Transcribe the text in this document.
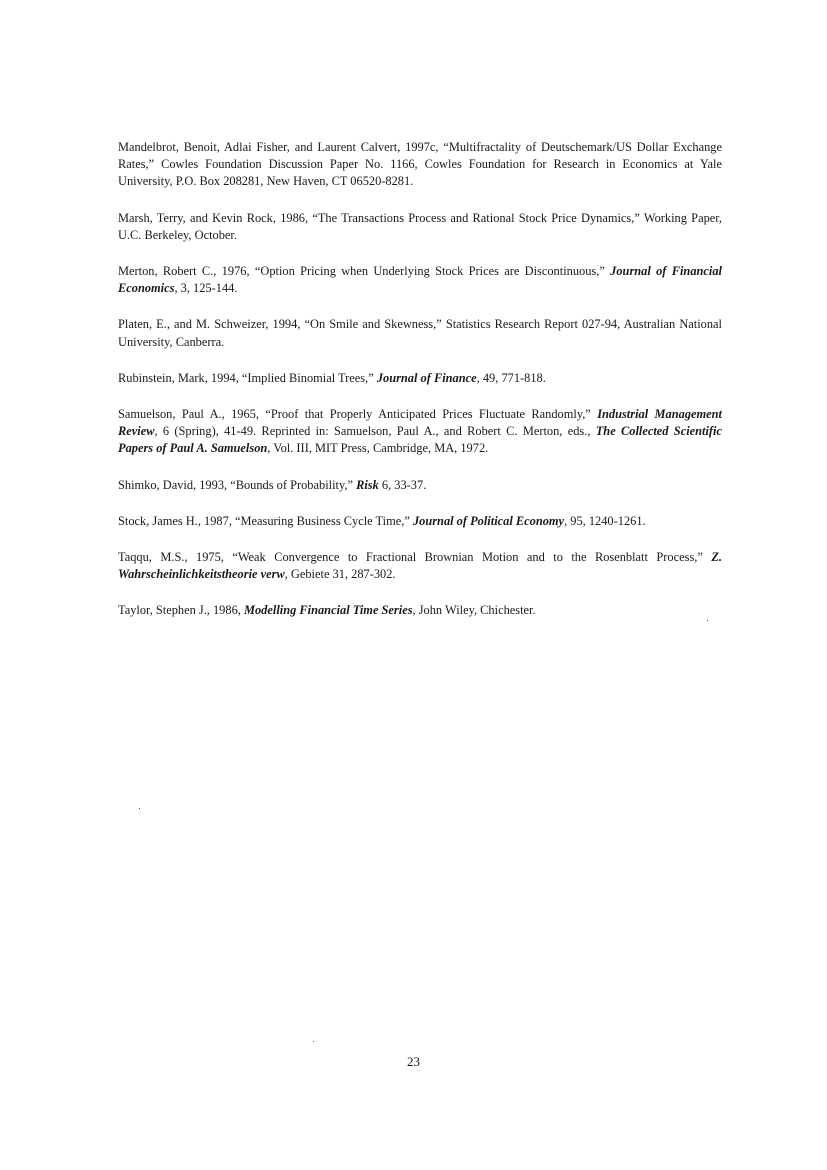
Mandelbrot, Benoit, Adlai Fisher, and Laurent Calvert, 1997c, “Multifractality of Deutschemark/US Dollar Exchange Rates,” Cowles Foundation Discussion Paper No. 1166, Cowles Foundation for Research in Economics at Yale University, P.O. Box 208281, New Haven, CT 06520-8281.

Marsh, Terry, and Kevin Rock, 1986, “The Transactions Process and Rational Stock Price Dynamics,” Working Paper, U.C. Berkeley, October.

Merton, Robert C., 1976, “Option Pricing when Underlying Stock Prices are Discontinuous,” Journal of Financial Economics, 3, 125-144.

Platen, E., and M. Schweizer, 1994, “On Smile and Skewness,” Statistics Research Report 027-94, Australian National University, Canberra.

Rubinstein, Mark, 1994, “Implied Binomial Trees,” Journal of Finance, 49, 771-818.

Samuelson, Paul A., 1965, “Proof that Properly Anticipated Prices Fluctuate Randomly,” Industrial Management Review, 6 (Spring), 41-49. Reprinted in: Samuelson, Paul A., and Robert C. Merton, eds., The Collected Scientific Papers of Paul A. Samuelson, Vol. III, MIT Press, Cambridge, MA, 1972.

Shimko, David, 1993, “Bounds of Probability,” Risk 6, 33-37.

Stock, James H., 1987, “Measuring Business Cycle Time,” Journal of Political Economy, 95, 1240-1261.

Taqqu, M.S., 1975, “Weak Convergence to Fractional Brownian Motion and to the Rosenblatt Process,” Z. Wahrscheinlichkeitstheorie verw, Gebiete 31, 287-302.

Taylor, Stephen J., 1986, Modelling Financial Time Series, John Wiley, Chichester.

23
